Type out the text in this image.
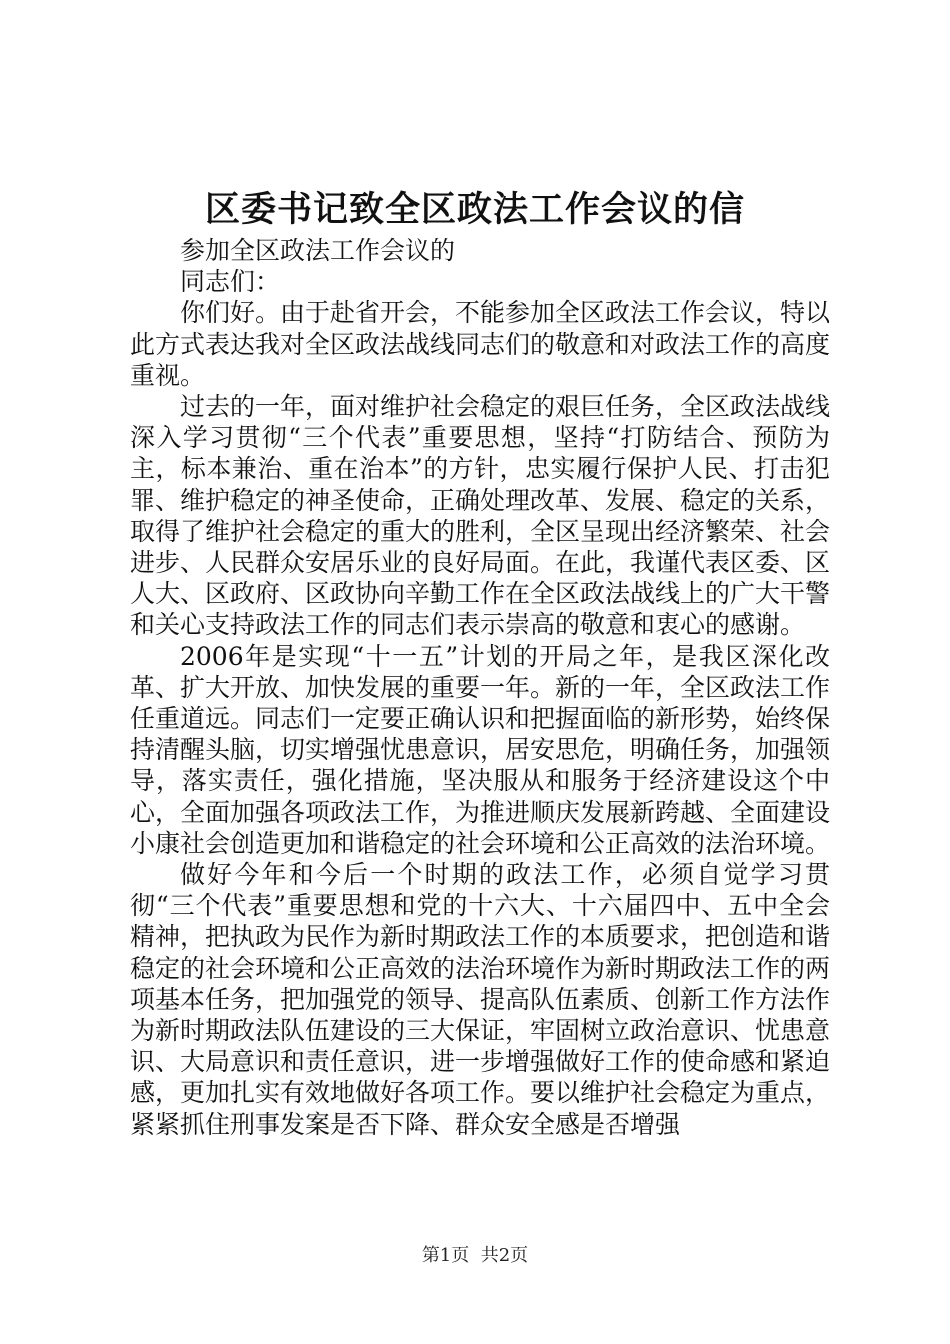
区委书记致全区政法工作会议的信

参加全区政法工作会议的

同志们：

你们好。由于赴省开会，不能参加全区政法工作会议，特以此方式表达我对全区政法战线同志们的敬意和对政法工作的高度重视。

过去的一年，面对维护社会稳定的艰巨任务，全区政法战线深入学习贯彻“三个代表”重要思想，坚持“打防结合、预防为主，标本兼治、重在治本”的方针，忠实履行保护人民、打击犯罪、维护稳定的神圣使命，正确处理改革、发展、稳定的关系，取得了维护社会稳定的重大的胜利，全区呈现出经济繁荣、社会进步、人民群众安居乐业的良好局面。在此，我谨代表区委、区人大、区政府、区政协向辛勤工作在全区政法战线上的广大干警和关心支持政法工作的同志们表示崇高的敬意和衷心的感谢。

2006年是实现“十一五”计划的开局之年，是我区深化改革、扩大开放、加快发展的重要一年。新的一年，全区政法工作任重道远。同志们一定要正确认识和把握面临的新形势，始终保持清醒头脑，切实增强忧患意识，居安思危，明确任务，加强领导，落实责任，强化措施，坚决服从和服务于经济建设这个中心，全面加强各项政法工作，为推进顺庆发展新跨越、全面建设小康社会创造更加和谐稳定的社会环境和公正高效的法治环境。

做好今年和今后一个时期的政法工作，必须自觉学习贯彻“三个代表”重要思想和党的十六大、十六届四中、五中全会精神，把执政为民作为新时期政法工作的本质要求，把创造和谐稳定的社会环境和公正高效的法治环境作为新时期政法工作的两项基本任务，把加强党的领导、提高队伍素质、创新工作方法作为新时期政法队伍建设的三大保证，牢固树立政治意识、忧患意识、大局意识和责任意识，进一步增强做好工作的使命感和紧迫感，更加扎实有效地做好各项工作。要以维护社会稳定为重点，紧紧抓住刑事发案是否下降、群众安全感是否增强

第1页  共2页
